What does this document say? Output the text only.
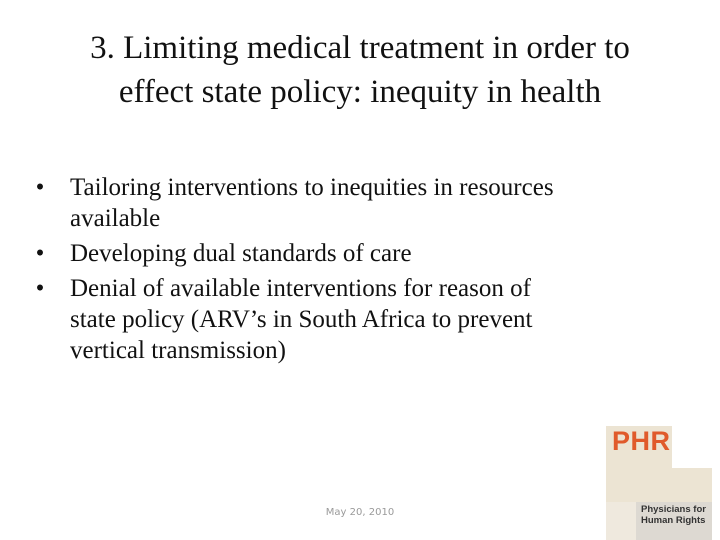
3. Limiting medical treatment in order to
effect state policy: inequity in health
• Tailoring interventions to inequities in resources
available
• Developing dual standards of care
• Denial of available interventions for reason of
state policy (ARV’s in South Africa to prevent
vertical transmission)
May 20, 2010
PHR
Physicians for
Human Rights
